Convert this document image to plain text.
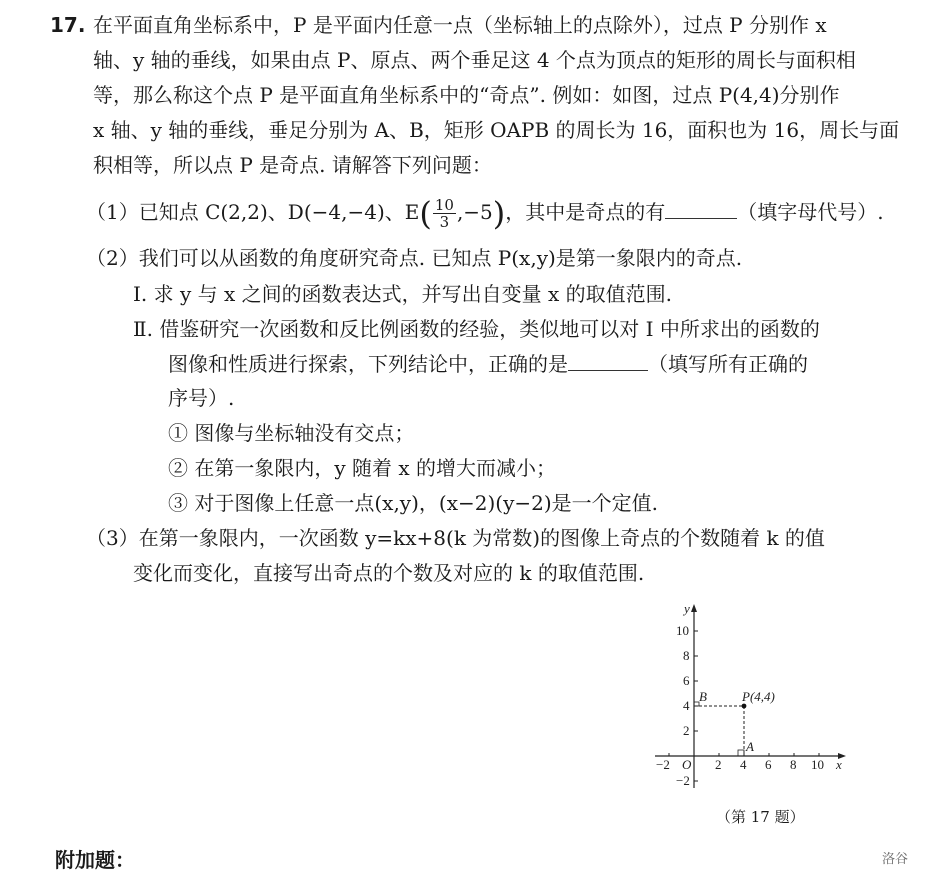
17. 在平面直角坐标系中，P 是平面内任意一点（坐标轴上的点除外），过点 P 分别作 x
轴、y 轴的垂线，如果由点 P、原点、两个垂足这 4 个点为顶点的矩形的周长与面积相
等，那么称这个点 P 是平面直角坐标系中的“奇点”. 例如：如图，过点 P(4,4)分别作
x 轴、y 轴的垂线，垂足分别为 A、B，矩形 OAPB 的周长为 16，面积也为 16，周长与面
积相等，所以点 P 是奇点. 请解答下列问题：
（1）已知点 C(2,2)、D(−4,−4)、$E( \frac{10}{3} ,-5)$，其中是奇点的有	（填字母代号）.
（2）我们可以从函数的角度研究奇点. 已知点 P(x,y)是第一象限内的奇点.
Ⅰ. 求 y 与 x 之间的函数表达式，并写出自变量 x 的取值范围.
Ⅱ. 借鉴研究一次函数和反比例函数的经验，类似地可以对 Ⅰ 中所求出的函数的
图像和性质进行探索，下列结论中，正确的是	（填写所有正确的
序号）.
① 图像与坐标轴没有交点；
② 在第一象限内，y 随着 x 的增大而减小；
③ 对于图像上任意一点(x,y)，(x−2)(y−2)是一个定值.
（3）在第一象限内，一次函数 y=kx+8(k 为常数)的图像上奇点的个数随着 k 的值
变化而变化，直接写出奇点的个数及对应的 k 的取值范围.
−2	2 4 6 8 10
10
8
6
4
2
−2
O	x
y
P(4,4)
A
B
（第 17 题）
附加题：	洛谷
